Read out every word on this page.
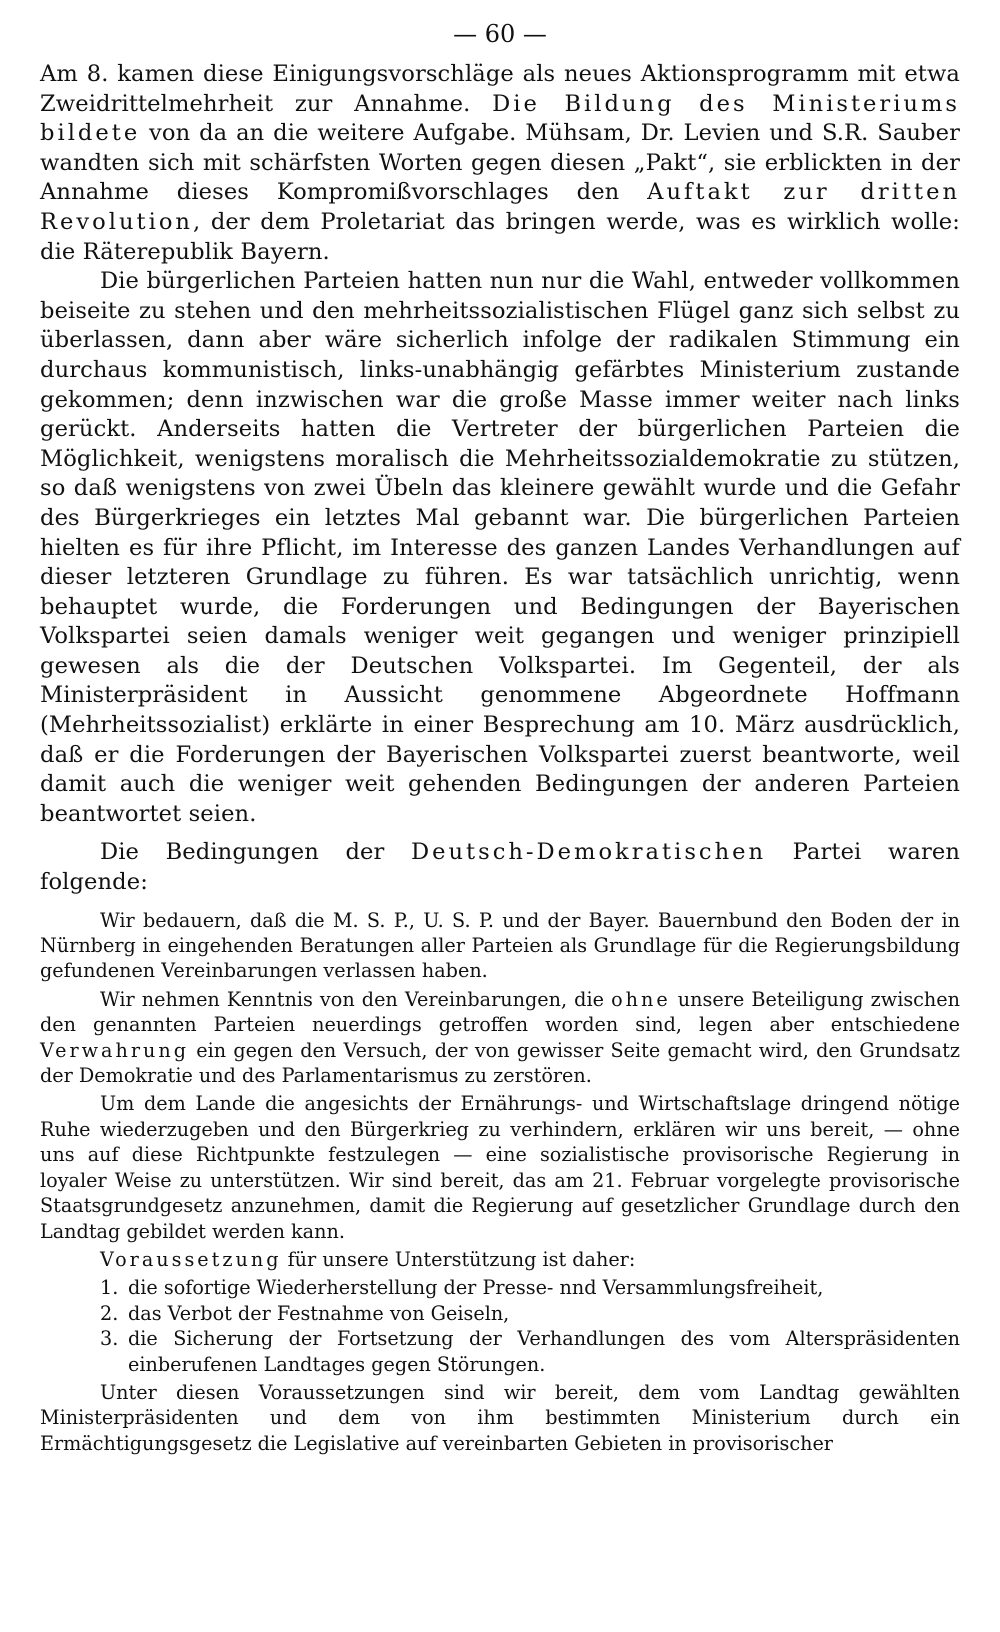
— 60 —

Am 8. kamen diese Einigungsvorschläge als neues Aktionsprogramm mit etwa Zweidrittelmehrheit zur Annahme. Die Bildung des Ministeriums bildete von da an die weitere Aufgabe. Mühsam, Dr. Levien und S.R. Sauber wandten sich mit schärfsten Worten gegen diesen „Pakt“, sie erblickten in der Annahme dieses Kompromißvorschlages den Auftakt zur dritten Revolution, der dem Proletariat das bringen werde, was es wirklich wolle: die Räterepublik Bayern.

Die bürgerlichen Parteien hatten nun nur die Wahl, entweder vollkommen beiseite zu stehen und den mehrheitssozialistischen Flügel ganz sich selbst zu überlassen, dann aber wäre sicherlich infolge der radikalen Stimmung ein durchaus kommunistisch, links-unabhängig gefärbtes Ministerium zustande gekommen; denn inzwischen war die große Masse immer weiter nach links gerückt. Anderseits hatten die Vertreter der bürgerlichen Parteien die Möglichkeit, wenigstens moralisch die Mehrheitssozialdemokratie zu stützen, so daß wenigstens von zwei Übeln das kleinere gewählt wurde und die Gefahr des Bürgerkrieges ein letztes Mal gebannt war. Die bürgerlichen Parteien hielten es für ihre Pflicht, im Interesse des ganzen Landes Verhandlungen auf dieser letzteren Grundlage zu führen. Es war tatsächlich unrichtig, wenn behauptet wurde, die Forderungen und Bedingungen der Bayerischen Volkspartei seien damals weniger weit gegangen und weniger prinzipiell gewesen als die der Deutschen Volkspartei. Im Gegenteil, der als Ministerpräsident in Aussicht genommene Abgeordnete Hoffmann (Mehrheitssozialist) erklärte in einer Besprechung am 10. März ausdrücklich, daß er die Forderungen der Bayerischen Volkspartei zuerst beantworte, weil damit auch die weniger weit gehenden Bedingungen der anderen Parteien beantwortet seien.

Die Bedingungen der Deutsch-Demokratischen Partei waren folgende:

Wir bedauern, daß die M. S. P., U. S. P. und der Bayer. Bauernbund den Boden der in Nürnberg in eingehenden Beratungen aller Parteien als Grundlage für die Regierungsbildung gefundenen Vereinbarungen verlassen haben.

Wir nehmen Kenntnis von den Vereinbarungen, die ohne unsere Beteiligung zwischen den genannten Parteien neuerdings getroffen worden sind, legen aber entschiedene Verwahrung ein gegen den Versuch, der von gewisser Seite gemacht wird, den Grundsatz der Demokratie und des Parlamentarismus zu zerstören.

Um dem Lande die angesichts der Ernährungs- und Wirtschaftslage dringend nötige Ruhe wiederzugeben und den Bürgerkrieg zu verhindern, erklären wir uns bereit, — ohne uns auf diese Richtpunkte festzulegen — eine sozialistische provisorische Regierung in loyaler Weise zu unterstützen. Wir sind bereit, das am 21. Februar vorgelegte provisorische Staatsgrundgesetz anzunehmen, damit die Regierung auf gesetzlicher Grundlage durch den Landtag gebildet werden kann.

Voraussetzung für unsere Unterstützung ist daher:

1. die sofortige Wiederherstellung der Presse- nnd Versammlungsfreiheit,
2. das Verbot der Festnahme von Geiseln,
3. die Sicherung der Fortsetzung der Verhandlungen des vom Alterspräsidenten einberufenen Landtages gegen Störungen.

Unter diesen Voraussetzungen sind wir bereit, dem vom Landtag gewählten Ministerpräsidenten und dem von ihm bestimmten Ministerium durch ein Ermächtigungsgesetz die Legislative auf vereinbarten Gebieten in provisorischer
